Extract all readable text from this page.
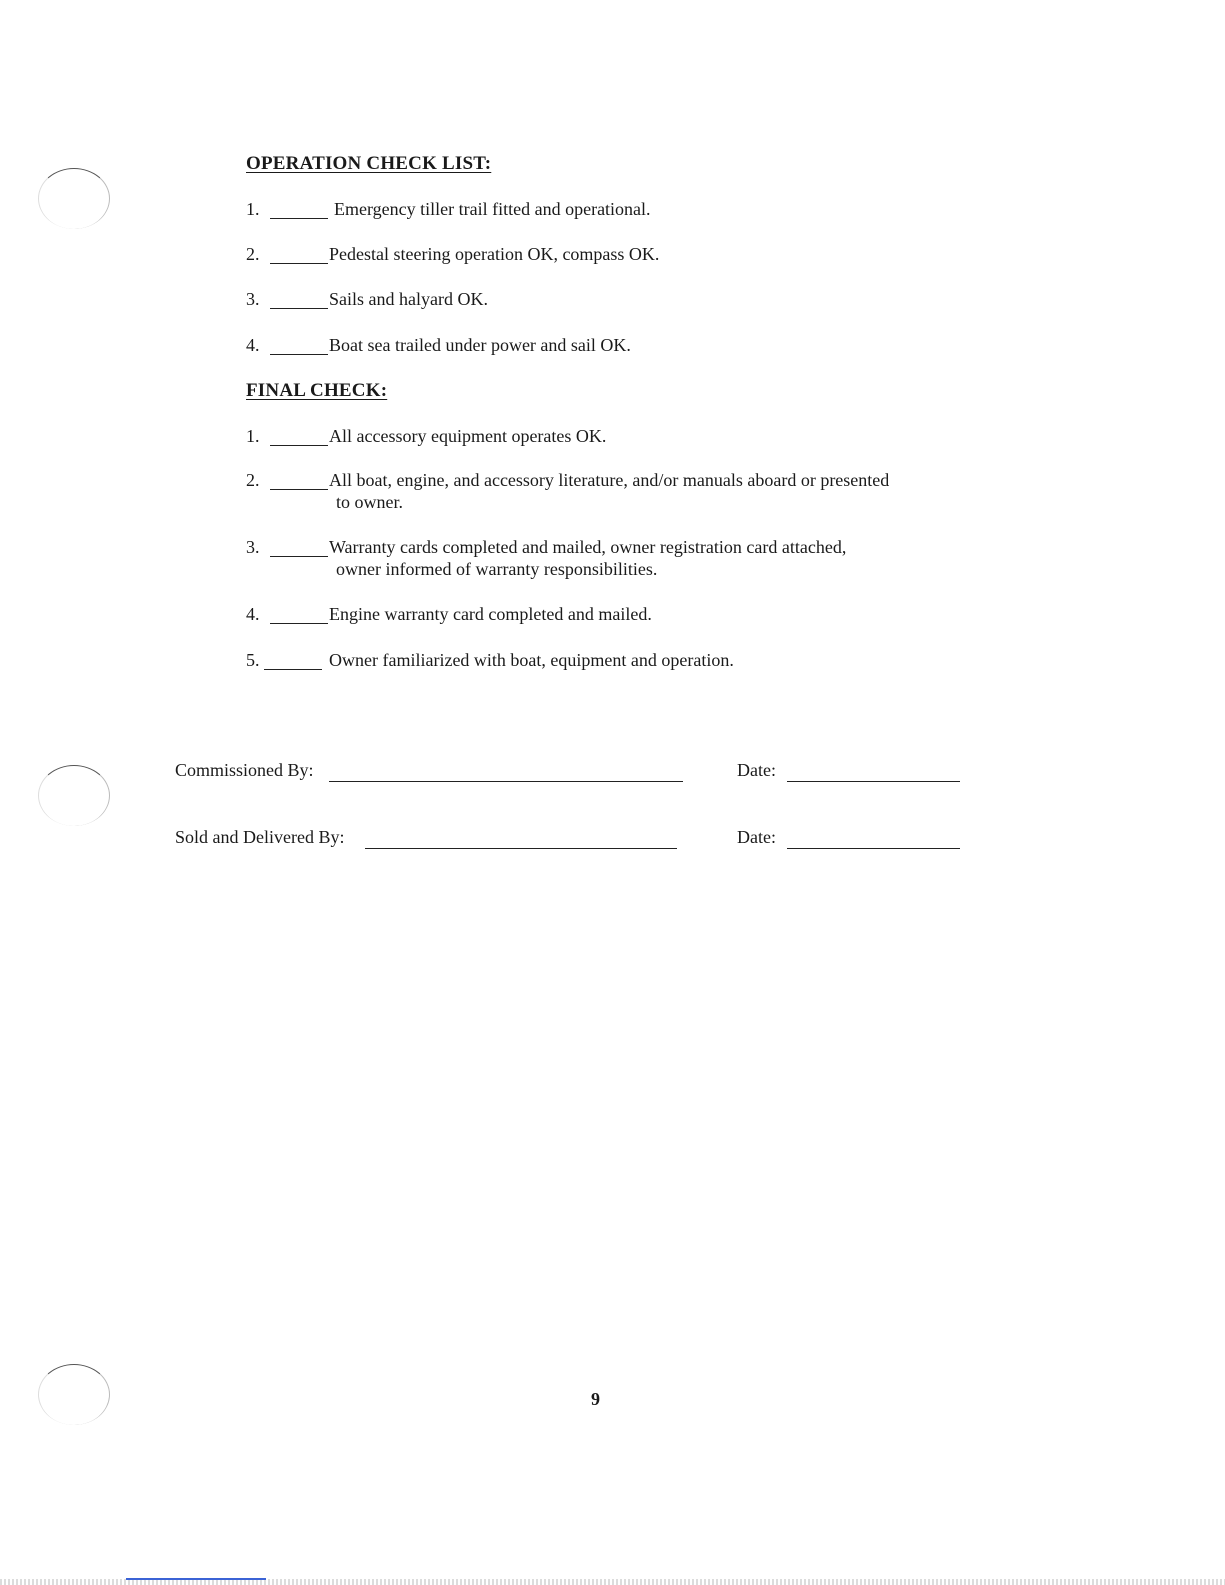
OPERATION CHECK LIST:
1.	Emergency tiller trail fitted and operational.
2.	Pedestal steering operation OK, compass OK.
3.	Sails and halyard OK.
4.	Boat sea trailed under power and sail OK.
FINAL CHECK:
1.	All accessory equipment operates OK.
2.	All boat, engine, and accessory literature, and/or manuals aboard or presented
to owner.
3.	Warranty cards completed and mailed, owner registration card attached,
owner informed of warranty responsibilities.
4.	Engine warranty card completed and mailed.
5.	Owner familiarized with boat, equipment and operation.
Commissioned By:	Date:
Sold and Delivered By:	Date:
9
